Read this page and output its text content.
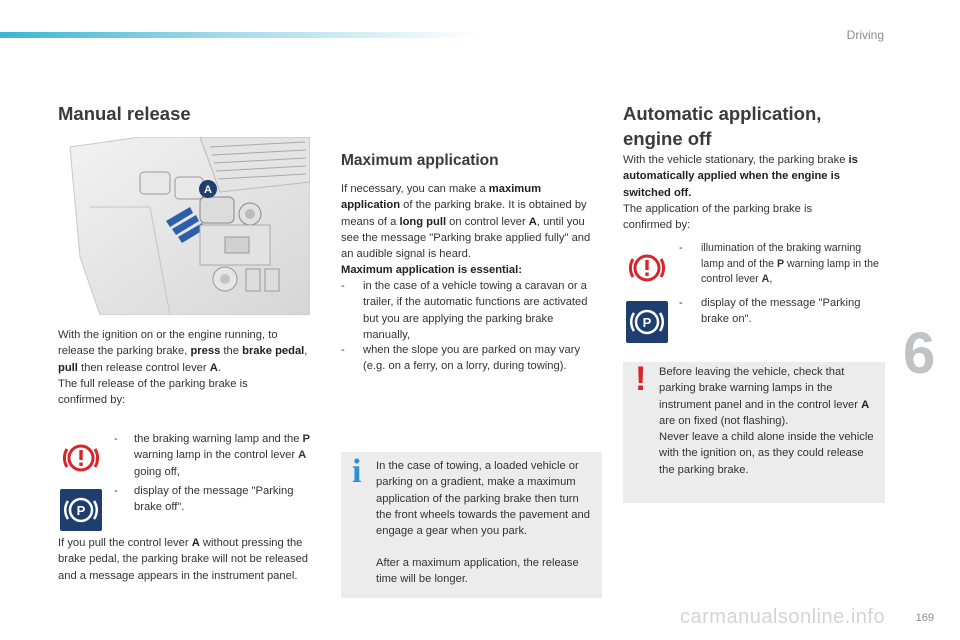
Driving
6
169
carmanualsonline.info
Manual release
A

With the ignition on or the engine running, to release the parking brake, press the brake pedal, pull then release control lever A.

The full release of the parking brake is confirmed by:

- the braking warning lamp and the P warning lamp in the control lever A going off,
P
- display of the message "Parking brake off".

If you pull the control lever A without pressing the brake pedal, the parking brake will not be released and a message appears in the instrument panel.

Maximum application

If necessary, you can make a maximum application of the parking brake. It is obtained by means of a long pull on control lever A, until you see the message "Parking brake applied fully" and an audible signal is heard.

Maximum application is essential:

- in the case of a vehicle towing a caravan or a trailer, if the automatic functions are activated but you are applying the parking brake manually,
- when the slope you are parked on may vary (e.g. on a ferry, on a lorry, during towing).
i In the case of towing, a loaded vehicle or parking on a gradient, make a maximum application of the parking brake then turn the front wheels towards the pavement and engage a gear when you park.

After a maximum application, the release time will be longer.

Automatic application,
engine off

With the vehicle stationary, the parking brake is automatically applied when the engine is switched off.

The application of the parking brake is confirmed by:

- illumination of the braking warning lamp and of the P warning lamp in the control lever A,
P
- display of the message "Parking brake on".
! Before leaving the vehicle, check that parking brake warning lamps in the instrument panel and in the control lever A are on fixed (not flashing).

Never leave a child alone inside the vehicle with the ignition on, as they could release the parking brake.
